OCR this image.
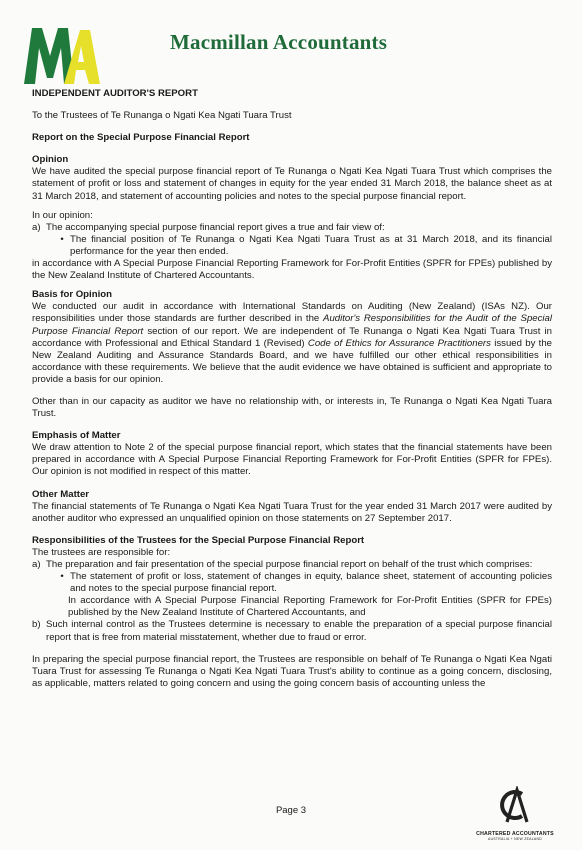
Macmillan Accountants

INDEPENDENT AUDITOR'S REPORT

To the Trustees of Te Runanga o Ngati Kea Ngati Tuara Trust

Report on the Special Purpose Financial Report

Opinion

We have audited the special purpose financial report of Te Runanga o Ngati Kea Ngati Tuara Trust which comprises the statement of profit or loss and statement of changes in equity for the year ended 31 March 2018, the balance sheet as at 31 March 2018, and statement of accounting policies and notes to the special purpose financial report.

In our opinion:

a) The accompanying special purpose financial report gives a true and fair view of:
• The financial position of Te Runanga o Ngati Kea Ngati Tuara Trust as at 31 March 2018, and its financial performance for the year then ended.

in accordance with A Special Purpose Financial Reporting Framework for For-Profit Entities (SPFR for FPEs) published by the New Zealand Institute of Chartered Accountants.

Basis for Opinion

We conducted our audit in accordance with International Standards on Auditing (New Zealand) (ISAs NZ). Our responsibilities under those standards are further described in the Auditor's Responsibilities for the Audit of the Special Purpose Financial Report section of our report. We are independent of Te Runanga o Ngati Kea Ngati Tuara Trust in accordance with Professional and Ethical Standard 1 (Revised) Code of Ethics for Assurance Practitioners issued by the New Zealand Auditing and Assurance Standards Board, and we have fulfilled our other ethical responsibilities in accordance with these requirements. We believe that the audit evidence we have obtained is sufficient and appropriate to provide a basis for our opinion.

Other than in our capacity as auditor we have no relationship with, or interests in, Te Runanga o Ngati Kea Ngati Tuara Trust.

Emphasis of Matter

We draw attention to Note 2 of the special purpose financial report, which states that the financial statements have been prepared in accordance with A Special Purpose Financial Reporting Framework for For-Profit Entities (SPFR for FPEs). Our opinion is not modified in respect of this matter.

Other Matter

The financial statements of Te Runanga o Ngati Kea Ngati Tuara Trust for the year ended 31 March 2017 were audited by another auditor who expressed an unqualified opinion on those statements on 27 September 2017.

Responsibilities of the Trustees for the Special Purpose Financial Report

The trustees are responsible for:

a) The preparation and fair presentation of the special purpose financial report on behalf of the trust which comprises:
• The statement of profit or loss, statement of changes in equity, balance sheet, statement of accounting policies and notes to the special purpose financial report.

In accordance with A Special Purpose Financial Reporting Framework for For-Profit Entities (SPFR for FPEs) published by the New Zealand Institute of Chartered Accountants, and

b) Such internal control as the Trustees determine is necessary to enable the preparation of a special purpose financial report that is free from material misstatement, whether due to fraud or error.

In preparing the special purpose financial report, the Trustees are responsible on behalf of Te Runanga o Ngati Kea Ngati Tuara Trust for assessing Te Runanga o Ngati Kea Ngati Tuara Trust's ability to continue as a going concern, disclosing, as applicable, matters related to going concern and using the going concern basis of accounting unless the

Page 3
CHARTERED ACCOUNTANTS
AUSTRALIA + NEW ZEALAND
